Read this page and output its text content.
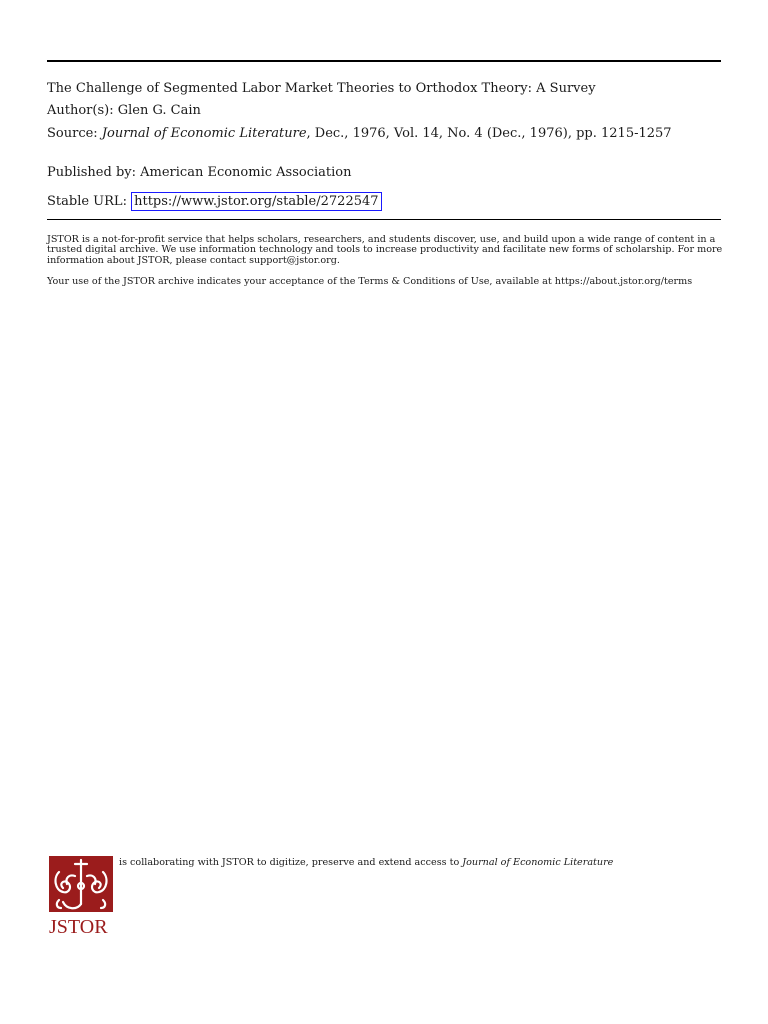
The Challenge of Segmented Labor Market Theories to Orthodox Theory: A Survey
Author(s): Glen G. Cain
Source: Journal of Economic Literature, Dec., 1976, Vol. 14, No. 4 (Dec., 1976), pp. 1215-1257
Published by: American Economic Association
Stable URL: https://www.jstor.org/stable/2722547
JSTOR is a not-for-profit service that helps scholars, researchers, and students discover, use, and build upon a wide range of content in a trusted digital archive. We use information technology and tools to increase productivity and facilitate new forms of scholarship. For more information about JSTOR, please contact support@jstor.org.
Your use of the JSTOR archive indicates your acceptance of the Terms & Conditions of Use, available at https://about.jstor.org/terms
JSTOR
is collaborating with JSTOR to digitize, preserve and extend access to Journal of Economic Literature
